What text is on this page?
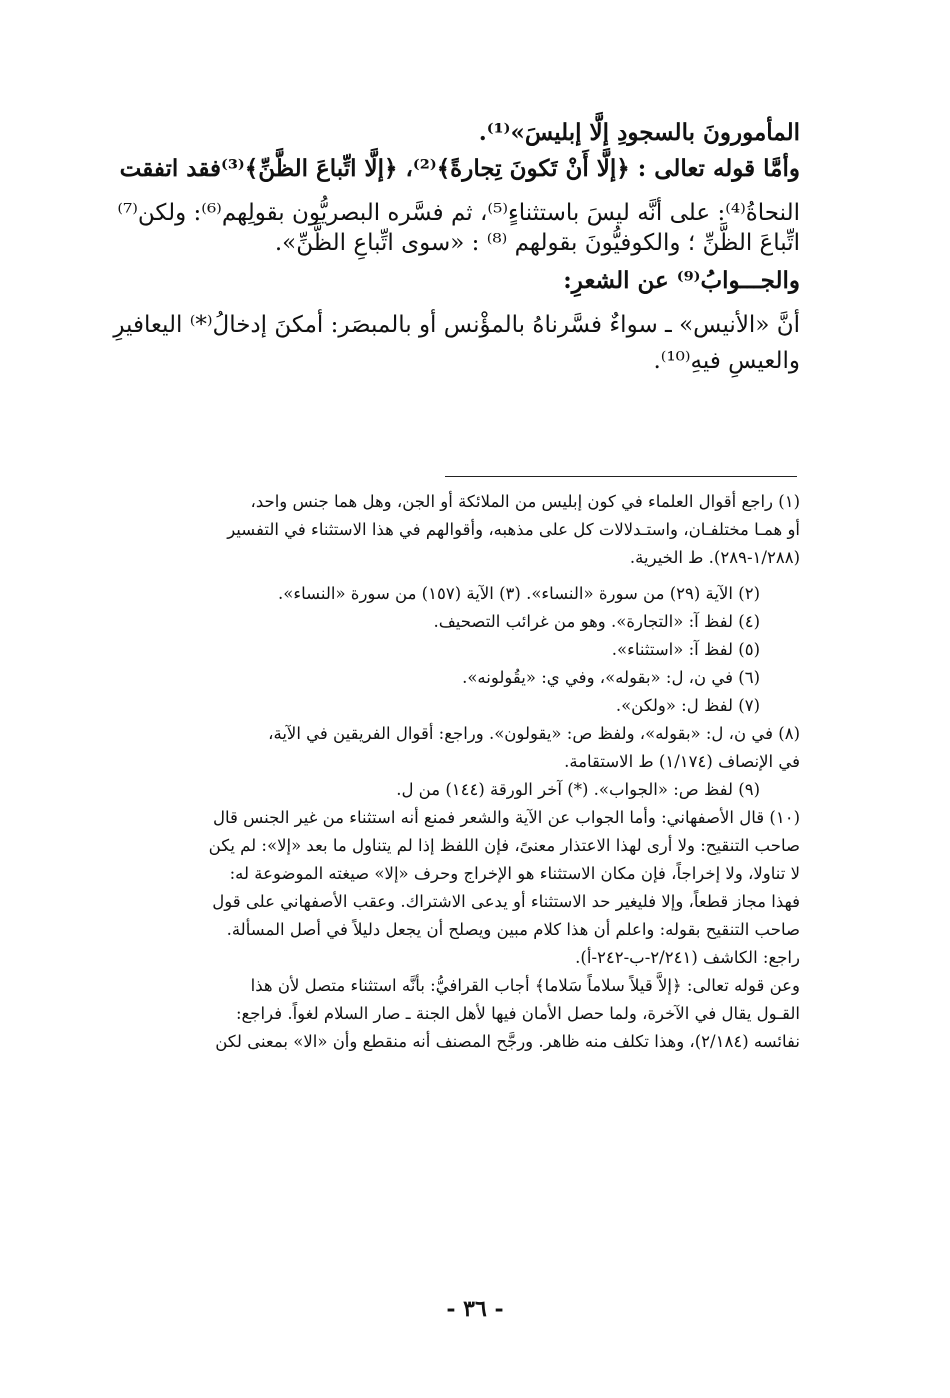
المأمورونَ بالسجودِ إلَّا إبليسَ»⁽¹⁾.

وأمَّا قوله تعالى : ﴿إلَّا أَنْ تَكونَ تِجارةً﴾⁽²⁾، ﴿إلَّا اتِّباعَ الظَّنِّ﴾⁽³⁾فقد اتفقت

النحاةُ⁽⁴⁾: على أنَّه ليسَ باستثناءٍ⁽⁵⁾، ثم فسَّره البصريُّون بقولِهم⁽⁶⁾: ولكن⁽⁷⁾

اتِّباعَ الظَّنِّ ؛ والكوفيُّونَ بقولهم ⁽⁸⁾ : «سوى اتِّباعِ الظَّنِّ».

والجـــوابُ⁽⁹⁾ عن الشعرِ:

أنَّ «الأنيس» ـ سواءٌ فسَّرناهُ بالمؤْنس أو بالمبصَر: أمكنَ إدخالُ⁽*⁾ اليعافيرِ

والعيسِ فيهِ⁽¹⁰⁾.

(١) راجع أقوال العلماء في كون إبليس من الملائكة أو الجن، وهل هما جنس واحد،

أو همـا مختلفـان، واستـدلالات كل على مذهبه، وأقوالهم في هذا الاستثناء في التفسير

(١/٢٨٨-٢٨٩). ط الخيرية.

(٢) الآية (٢٩) من سورة «النساء». (٣) الآية (١٥٧) من سورة «النساء».

(٤) لفظ آ: «التجارة». وهو من غرائب التصحيف.

(٥) لفظ آ: «استثناء».

(٦) في ن، ل: «بقوله»، وفي ي: «يقُولونه».

(٧) لفظ ل: «ولكن».

(٨) في ن، ل: «بقوله»، ولفظ ص: «يقولون». وراجع: أقوال الفريقين في الآية،

في الإنصاف (١/١٧٤) ط الاستقامة.

(٩) لفظ ص: «الجواب». (*) آخر الورقة (١٤٤) من ل.

(١٠) قال الأصفهاني: وأما الجواب عن الآية والشعر فمنع أنه استثناء من غير الجنس قال

صاحب التنقيح: ولا أرى لهذا الاعتذار معنىً، فإن اللفظ إذا لم يتناول ما بعد «إلا»: لم يكن

لا تناولا، ولا إخراجاً، فإن مكان الاستثناء هو الإخراج وحرف «إلا» صيغته الموضوعة له:

فهذا مجاز قطعاً، وإلا فليغير حد الاستثناء أو يدعى الاشتراك. وعقب الأصفهاني على قول

صاحب التنقيح بقوله: واعلم أن هذا كلام مبين ويصلح أن يجعل دليلاً في أصل المسألة.

راجع: الكاشف (٢/٢٤١-ب-٢٤٢-أ).

وعن قوله تعالى: ﴿إلاَّ قيلاً سلاماً سَلاما﴾ أجاب القرافيُّ: بأنَّه استثناء متصل لأن هذا

القـول يقال في الآخرة، ولما حصل الأمان فيها لأهل الجنة ـ صار السلام لغواً. فراجع:

نفائسه (٢/١٨٤)، وهذا تكلف منه ظاهر. ورجَّح المصنف أنه منقطع وأن «الا» بمعنى لكن

- ٣٦ -
